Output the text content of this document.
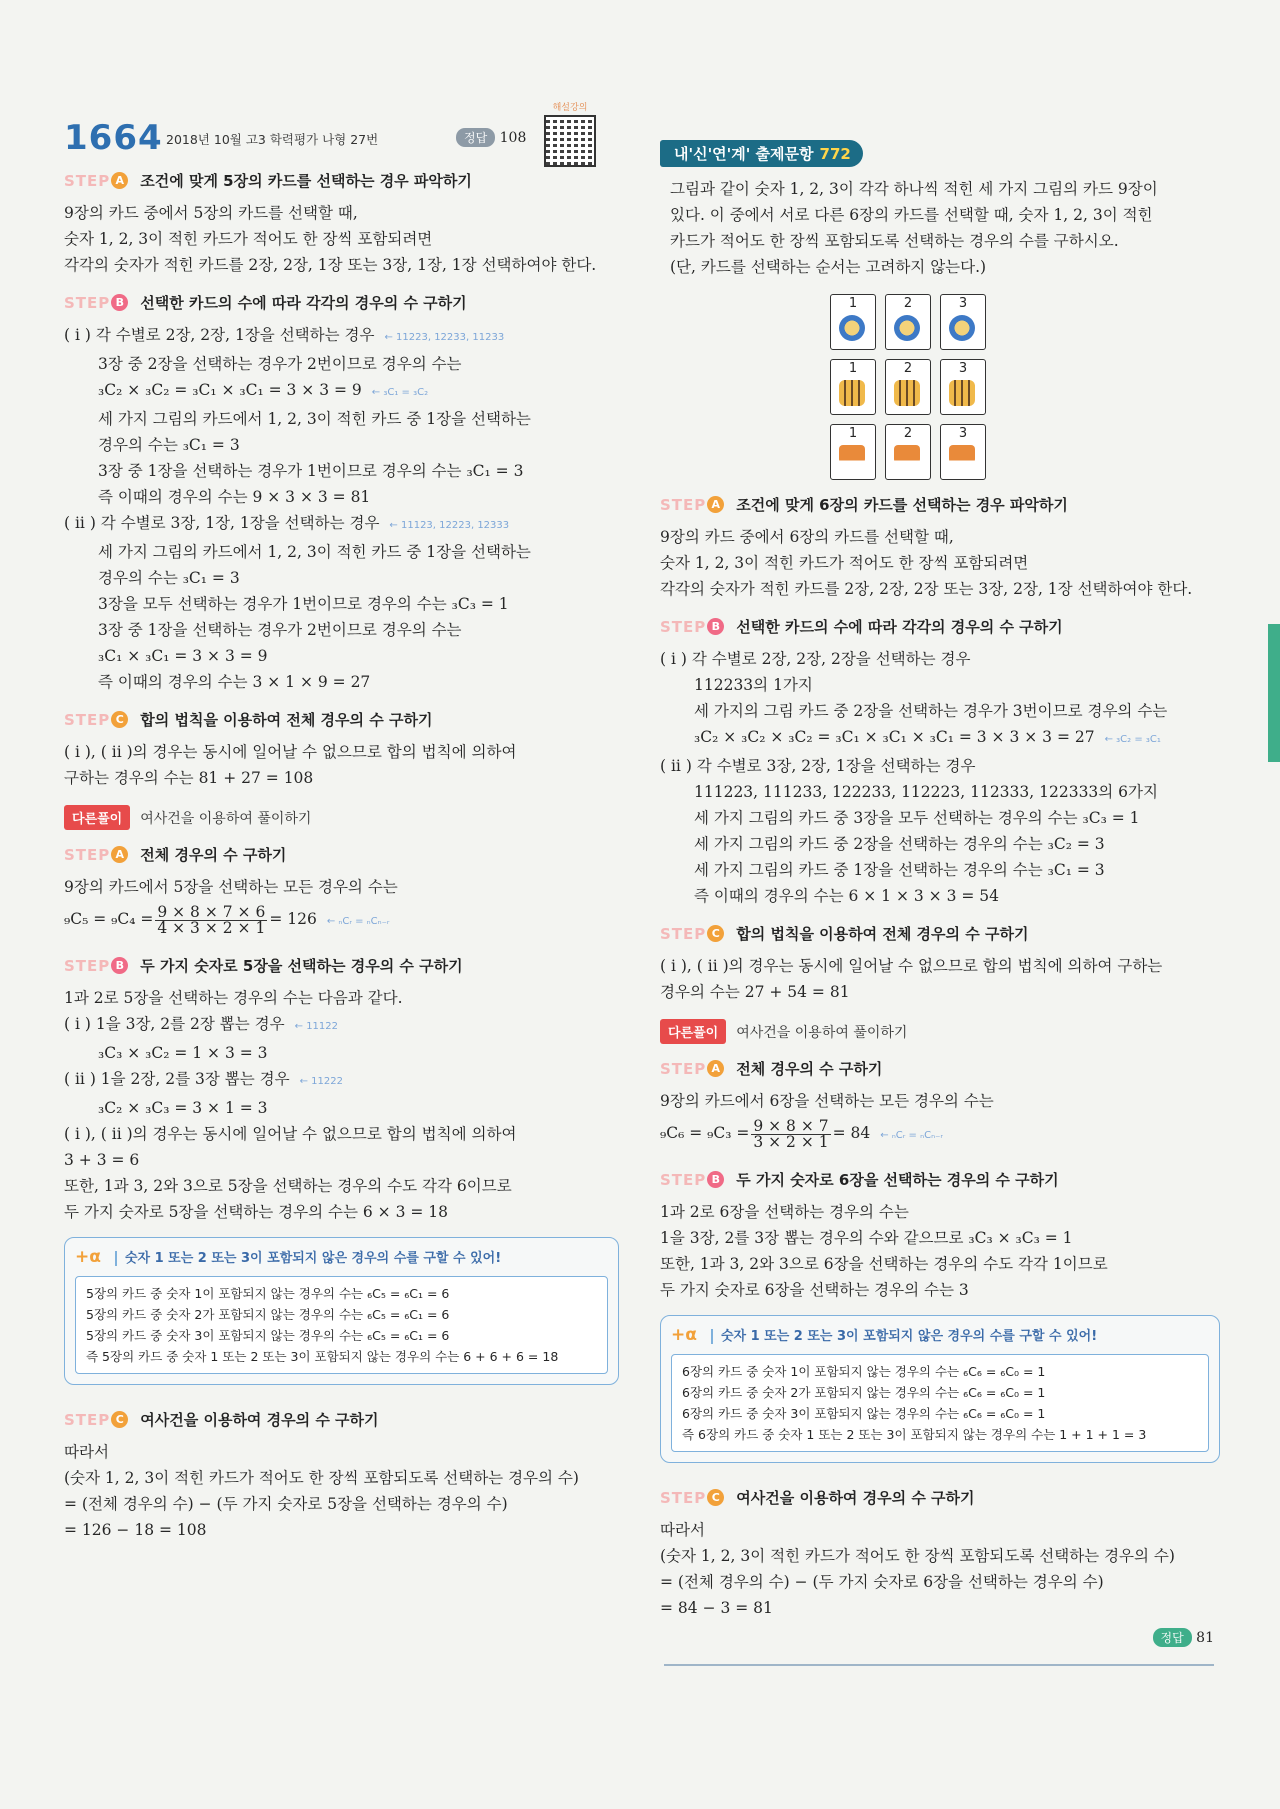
1664 2018년 10월 고3 학력평가 나형 27번	정답 108
해설강의
STEP A 조건에 맞게 5장의 카드를 선택하는 경우 파악하기

9장의 카드 중에서 5장의 카드를 선택할 때,

숫자 1, 2, 3이 적힌 카드가 적어도 한 장씩 포함되려면

각각의 숫자가 적힌 카드를 2장, 2장, 1장 또는 3장, 1장, 1장 선택하여야 한다.

STEP B 선택한 카드의 수에 따라 각각의 경우의 수 구하기

( i ) 각 수별로 2장, 2장, 1장을 선택하는 경우 ← 11223, 12233, 11233

3장 중 2장을 선택하는 경우가 2번이므로 경우의 수는

₃C₂ × ₃C₂ = ₃C₁ × ₃C₁ = 3 × 3 = 9 ← ₃C₁ = ₃C₂

세 가지 그림의 카드에서 1, 2, 3이 적힌 카드 중 1장을 선택하는

경우의 수는 ₃C₁ = 3

3장 중 1장을 선택하는 경우가 1번이므로 경우의 수는 ₃C₁ = 3

즉 이때의 경우의 수는 9 × 3 × 3 = 81

( ii ) 각 수별로 3장, 1장, 1장을 선택하는 경우 ← 11123, 12223, 12333

세 가지 그림의 카드에서 1, 2, 3이 적힌 카드 중 1장을 선택하는

경우의 수는 ₃C₁ = 3

3장을 모두 선택하는 경우가 1번이므로 경우의 수는 ₃C₃ = 1

3장 중 1장을 선택하는 경우가 2번이므로 경우의 수는

₃C₁ × ₃C₁ = 3 × 3 = 9

즉 이때의 경우의 수는 3 × 1 × 9 = 27

STEP C 합의 법칙을 이용하여 전체 경우의 수 구하기

( i ), ( ii )의 경우는 동시에 일어날 수 없으므로 합의 법칙에 의하여

구하는 경우의 수는 81 + 27 = 108

다른풀이 여사건을 이용하여 풀이하기
STEP A 전체 경우의 수 구하기

9장의 카드에서 5장을 선택하는 모든 경우의 수는

$_9C_5 = _9C_4 = \frac{9 \times 8 \times 7 \times 6}{4 \times 3 \times 2 \times 1} = 126$ ← ₙCᵣ = ₙCₙ₋ᵣ

STEP B 두 가지 숫자로 5장을 선택하는 경우의 수 구하기

1과 2로 5장을 선택하는 경우의 수는 다음과 같다.

( i ) 1을 3장, 2를 2장 뽑는 경우 ← 11122

₃C₃ × ₃C₂ = 1 × 3 = 3

( ii ) 1을 2장, 2를 3장 뽑는 경우 ← 11222

₃C₂ × ₃C₃ = 3 × 1 = 3

( i ), ( ii )의 경우는 동시에 일어날 수 없으므로 합의 법칙에 의하여

3 + 3 = 6

또한, 1과 3, 2와 3으로 5장을 선택하는 경우의 수도 각각 6이므로

두 가지 숫자로 5장을 선택하는 경우의 수는 6 × 3 = 18

+α 숫자 1 또는 2 또는 3이 포함되지 않은 경우의 수를 구할 수 있어!

5장의 카드 중 숫자 1이 포함되지 않는 경우의 수는 ₆C₅ = ₆C₁ = 6

5장의 카드 중 숫자 2가 포함되지 않는 경우의 수는 ₆C₅ = ₆C₁ = 6

5장의 카드 중 숫자 3이 포함되지 않는 경우의 수는 ₆C₅ = ₆C₁ = 6

즉 5장의 카드 중 숫자 1 또는 2 또는 3이 포함되지 않는 경우의 수는 6 + 6 + 6 = 18

STEP C 여사건을 이용하여 경우의 수 구하기

따라서

(숫자 1, 2, 3이 적힌 카드가 적어도 한 장씩 포함되도록 선택하는 경우의 수)

= (전체 경우의 수) − (두 가지 숫자로 5장을 선택하는 경우의 수)

= 126 − 18 = 108

내'신'연'계' 출제문항 772

그림과 같이 숫자 1, 2, 3이 각각 하나씩 적힌 세 가지 그림의 카드 9장이

있다. 이 중에서 서로 다른 6장의 카드를 선택할 때, 숫자 1, 2, 3이 적힌

카드가 적어도 한 장씩 포함되도록 선택하는 경우의 수를 구하시오.

(단, 카드를 선택하는 순서는 고려하지 않는다.)

1	2	3
1	2	3
1	2	3
STEP A 조건에 맞게 6장의 카드를 선택하는 경우 파악하기

9장의 카드 중에서 6장의 카드를 선택할 때,

숫자 1, 2, 3이 적힌 카드가 적어도 한 장씩 포함되려면

각각의 숫자가 적힌 카드를 2장, 2장, 2장 또는 3장, 2장, 1장 선택하여야 한다.

STEP B 선택한 카드의 수에 따라 각각의 경우의 수 구하기

( i ) 각 수별로 2장, 2장, 2장을 선택하는 경우

112233의 1가지

세 가지의 그림 카드 중 2장을 선택하는 경우가 3번이므로 경우의 수는

₃C₂ × ₃C₂ × ₃C₂ = ₃C₁ × ₃C₁ × ₃C₁ = 3 × 3 × 3 = 27 ← ₃C₂ = ₃C₁

( ii ) 각 수별로 3장, 2장, 1장을 선택하는 경우

111223, 111233, 122233, 112223, 112333, 122333의 6가지

세 가지 그림의 카드 중 3장을 모두 선택하는 경우의 수는 ₃C₃ = 1

세 가지 그림의 카드 중 2장을 선택하는 경우의 수는 ₃C₂ = 3

세 가지 그림의 카드 중 1장을 선택하는 경우의 수는 ₃C₁ = 3

즉 이때의 경우의 수는 6 × 1 × 3 × 3 = 54

STEP C 합의 법칙을 이용하여 전체 경우의 수 구하기

( i ), ( ii )의 경우는 동시에 일어날 수 없으므로 합의 법칙에 의하여 구하는

경우의 수는 27 + 54 = 81

다른풀이 여사건을 이용하여 풀이하기
STEP A 전체 경우의 수 구하기

9장의 카드에서 6장을 선택하는 모든 경우의 수는

$_9C_6 = _9C_3 = \frac{9 \times 8 \times 7}{3 \times 2 \times 1} = 84$ ← ₙCᵣ = ₙCₙ₋ᵣ

STEP B 두 가지 숫자로 6장을 선택하는 경우의 수 구하기

1과 2로 6장을 선택하는 경우의 수는

1을 3장, 2를 3장 뽑는 경우의 수와 같으므로 ₃C₃ × ₃C₃ = 1

또한, 1과 3, 2와 3으로 6장을 선택하는 경우의 수도 각각 1이므로

두 가지 숫자로 6장을 선택하는 경우의 수는 3

+α 숫자 1 또는 2 또는 3이 포함되지 않은 경우의 수를 구할 수 있어!

6장의 카드 중 숫자 1이 포함되지 않는 경우의 수는 ₆C₆ = ₆C₀ = 1

6장의 카드 중 숫자 2가 포함되지 않는 경우의 수는 ₆C₆ = ₆C₀ = 1

6장의 카드 중 숫자 3이 포함되지 않는 경우의 수는 ₆C₆ = ₆C₀ = 1

즉 6장의 카드 중 숫자 1 또는 2 또는 3이 포함되지 않는 경우의 수는 1 + 1 + 1 = 3

STEP C 여사건을 이용하여 경우의 수 구하기

따라서

(숫자 1, 2, 3이 적힌 카드가 적어도 한 장씩 포함되도록 선택하는 경우의 수)

= (전체 경우의 수) − (두 가지 숫자로 6장을 선택하는 경우의 수)

= 84 − 3 = 81

정답 81
